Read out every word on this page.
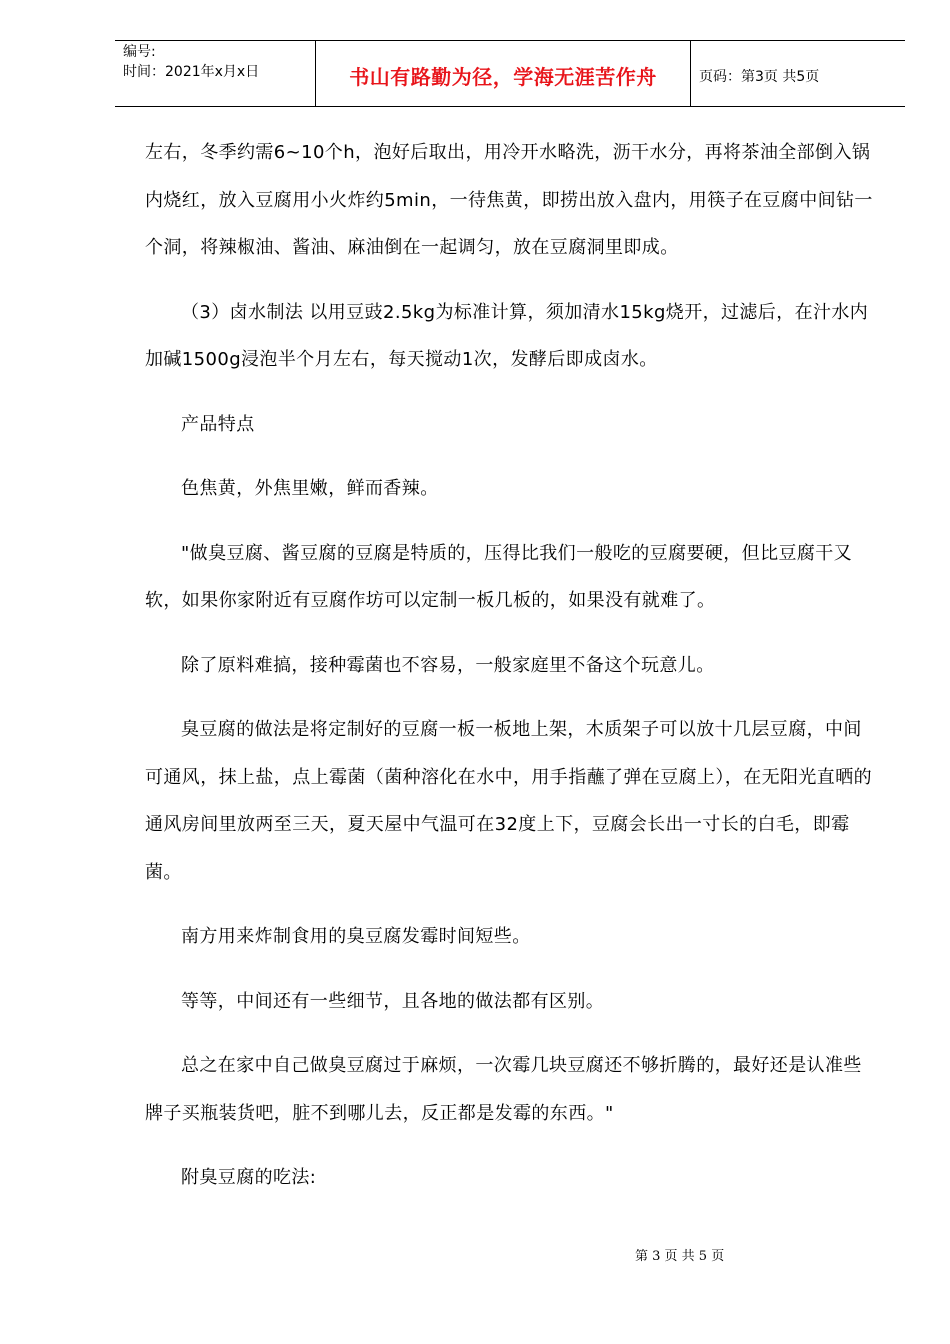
编号:
时间：2021年x月x日	书山有路勤为径，学海无涯苦作舟	页码：第3页 共5页

左右，冬季约需6~10个h，泡好后取出，用冷开水略洗，沥干水分，再将茶油全部倒入锅内烧红，放入豆腐用小火炸约5min，一待焦黄，即捞出放入盘内，用筷子在豆腐中间钻一个洞，将辣椒油、酱油、麻油倒在一起调匀，放在豆腐洞里即成。

（3）卤水制法 以用豆豉2.5kg为标准计算，须加清水15kg烧开，过滤后，在汁水内加碱1500g浸泡半个月左右，每天搅动1次，发酵后即成卤水。

产品特点

色焦黄，外焦里嫩，鲜而香辣。

"做臭豆腐、酱豆腐的豆腐是特质的，压得比我们一般吃的豆腐要硬，但比豆腐干又软，如果你家附近有豆腐作坊可以定制一板几板的，如果没有就难了。

除了原料难搞，接种霉菌也不容易，一般家庭里不备这个玩意儿。

臭豆腐的做法是将定制好的豆腐一板一板地上架，木质架子可以放十几层豆腐，中间可通风，抹上盐，点上霉菌（菌种溶化在水中，用手指蘸了弹在豆腐上），在无阳光直晒的通风房间里放两至三天，夏天屋中气温可在32度上下，豆腐会长出一寸长的白毛，即霉菌。

南方用来炸制食用的臭豆腐发霉时间短些。

等等，中间还有一些细节，且各地的做法都有区别。

总之在家中自己做臭豆腐过于麻烦，一次霉几块豆腐还不够折腾的，最好还是认准些牌子买瓶装货吧，脏不到哪儿去，反正都是发霉的东西。"

附臭豆腐的吃法:

第 3 页 共 5 页
